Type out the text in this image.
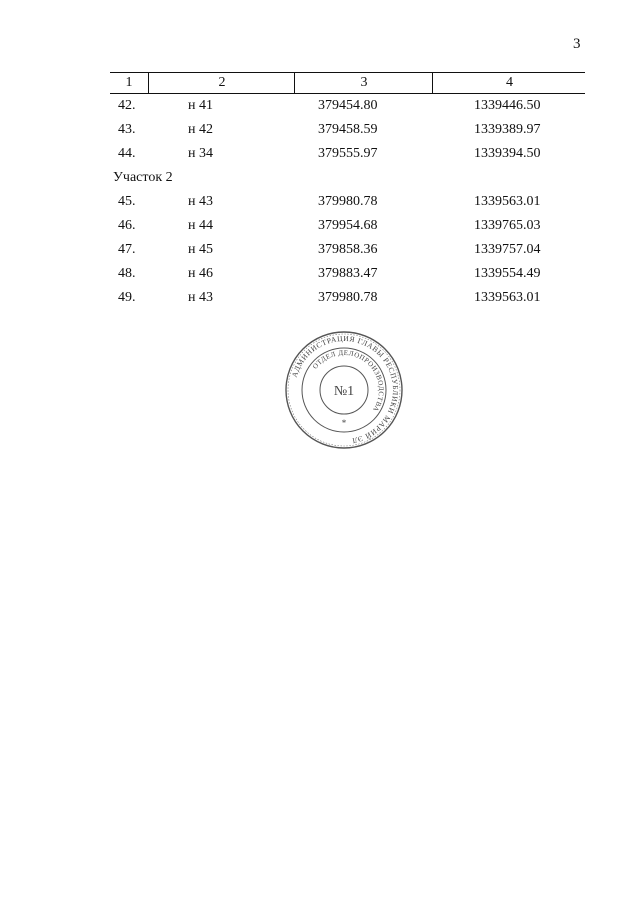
3
1	2	3	4
42.	н 41	379454.80	1339446.50
43.	н 42	379458.59	1339389.97
44.	н 34	379555.97	1339394.50
Участок 2
45.	н 43	379980.78	1339563.01
46.	н 44	379954.68	1339765.03
47.	н 45	379858.36	1339757.04
48.	н 46	379883.47	1339554.49
49.	н 43	379980.78	1339563.01
АДМИНИСТРАЦИЯ ГЛАВЫ РЕСПУБЛИКИ МАРИЙ ЭЛ
ОТДЕЛ ДЕЛОПРОИЗВОДСТВА
№1
*
